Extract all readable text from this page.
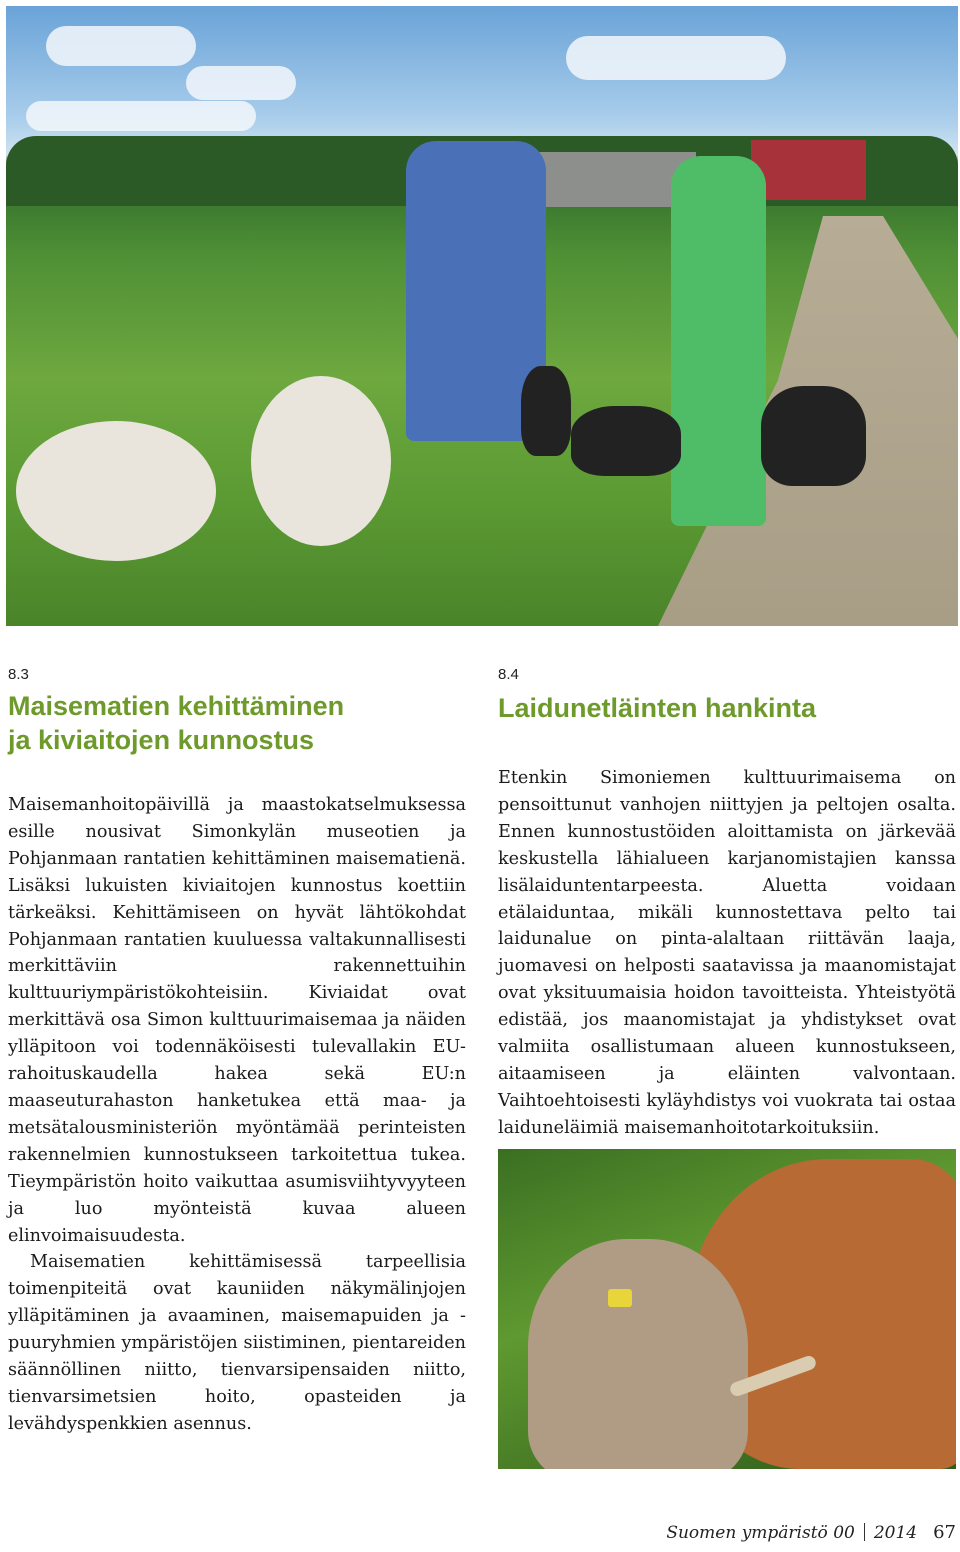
8.3
Maisematien kehittäminen
ja kiviaitojen kunnostus

Maisemanhoitopäivillä ja maastokatselmuksessa esille nousivat Simonkylän museotien ja Pohjanmaan rantatien kehittäminen maisematienä. Lisäksi lukuisten kiviaitojen kunnostus koettiin tärkeäksi. Kehittämiseen on hyvät lähtökohdat Pohjanmaan rantatien kuuluessa valtakunnallisesti merkittäviin rakennettuihin kulttuuriympäristökohteisiin. Kiviaidat ovat merkittävä osa Simon kulttuurimaisemaa ja näiden ylläpitoon voi todennäköisesti tulevallakin EU-rahoituskaudella hakea sekä EU:n maaseuturahaston hanketukea että maa- ja metsätalousministeriön myöntämää perinteisten rakennelmien kunnostukseen tarkoitettua tukea. Tieympäristön hoito vaikuttaa asumisviihtyvyyteen ja luo myönteistä kuvaa alueen elinvoimaisuudesta.

Maisematien kehittämisessä tarpeellisia toimenpiteitä ovat kauniiden näkymälinjojen ylläpitäminen ja avaaminen, maisemapuiden ja -puuryhmien ympäristöjen siistiminen, pientareiden säännöllinen niitto, tienvarsipensaiden niitto, tienvarsimetsien hoito, opasteiden ja levähdyspenkkien asennus.

8.4
Laidunetläinten hankinta

Etenkin Simoniemen kulttuurimaisema on pensoittunut vanhojen niittyjen ja peltojen osalta. Ennen kunnostustöiden aloittamista on järkevää keskustella lähialueen karjanomistajien kanssa lisälaiduntentarpeesta. Aluetta voidaan etälaiduntaa, mikäli kunnostettava pelto tai laidunalue on pinta-alaltaan riittävän laaja, juomavesi on helposti saatavissa ja maanomistajat ovat yksituumaisia hoidon tavoitteista. Yhteistyötä edistää, jos maanomistajat ja yhdistykset ovat valmiita osallistumaan alueen kunnostukseen, aitaamiseen ja eläinten valvontaan. Vaihtoehtoisesti kyläyhdistys voi vuokrata tai ostaa laiduneläimiä maisemanhoitotarkoituksiin.

Suomen ympäristö 00 2014 67
